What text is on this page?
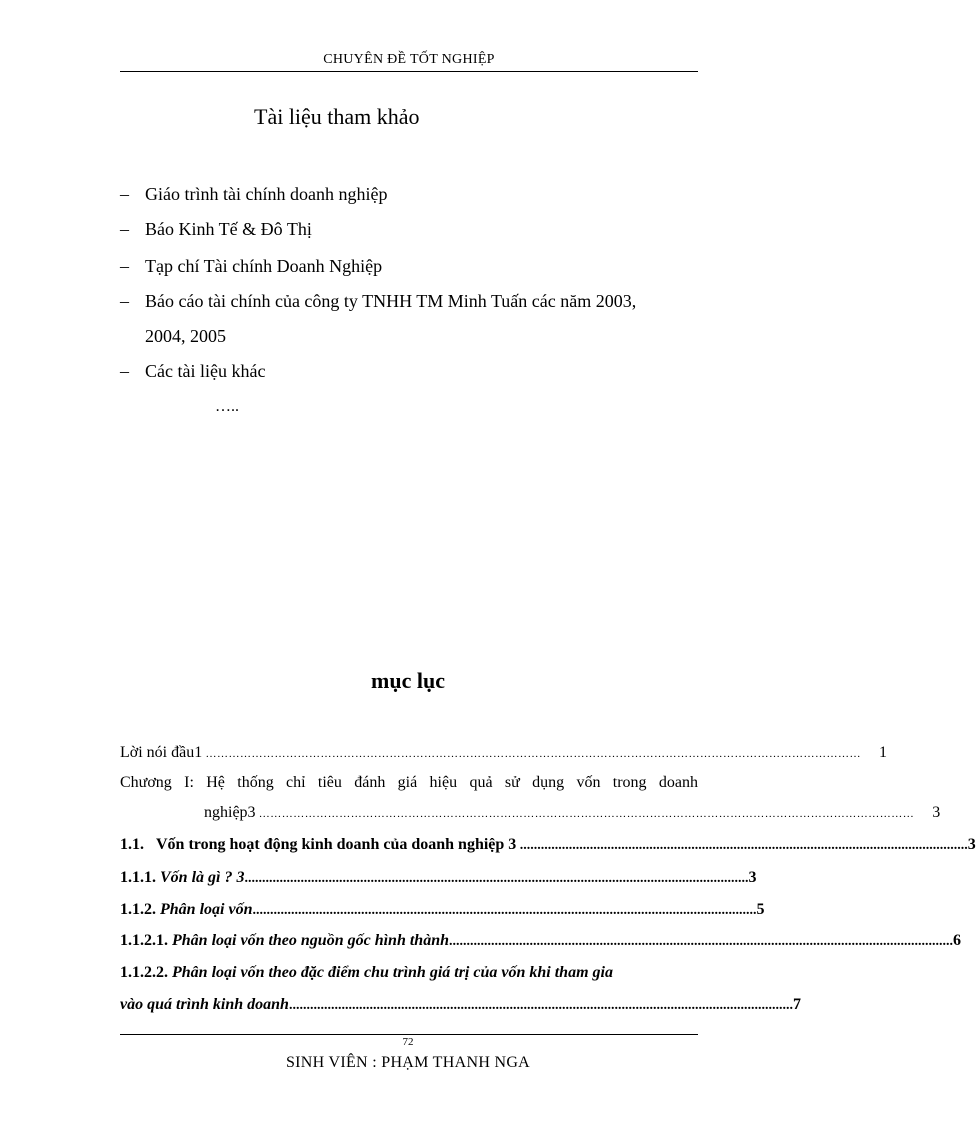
CHUYÊN ĐỀ TỐT NGHIỆP
Tài liệu tham khảo
– Giáo trình tài chính doanh nghiệp
– Báo Kinh Tế & Đô Thị
– Tạp chí Tài chính Doanh Nghiệp
– Báo cáo tài chính của công ty TNHH TM Minh Tuấn các năm 2003,
2004, 2005
– Các tài liệu khác
…..
mục lục
Lời nói đầu1 ………………………………………………………………………………………………………………………………………………………	1
Chương I: Hệ thống chỉ tiêu đánh giá hiệu quả sử dụng vốn trong doanh
nghiệp3 ………………………………………………………………………………………………………………………………………………………	3
1.1. Vốn trong hoạt động kinh doanh của doanh nghiệp 3 ................................................................................................................................ 3
1.1.1. Vốn là gì ? 3 ................................................................................................................................................ 3
1.1.2. Phân loại vốn ................................................................................................................................................ 5
1.1.2.1. Phân loại vốn theo nguồn gốc hình thành ................................................................................................................................................ 6
1.1.2.2. Phân loại vốn theo đặc điểm chu trình giá trị của vốn khi tham gia
vào quá trình kinh doanh ................................................................................................................................................ 7
72
SINH VIÊN : PHẠM THANH NGA
